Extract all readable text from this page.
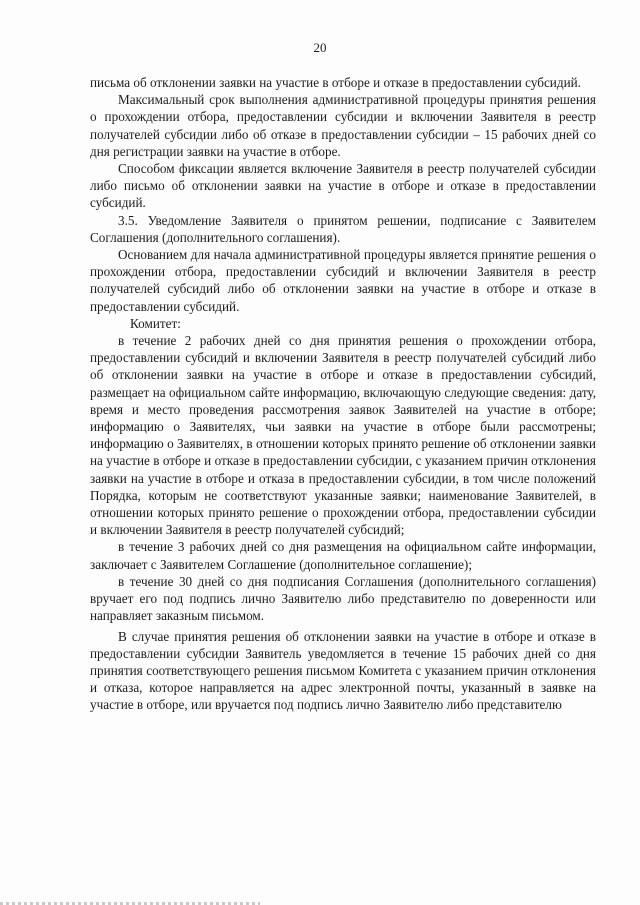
20

письма об отклонении заявки на участие в отборе и отказе в предоставлении субсидий.

Максимальный срок выполнения административной процедуры принятия решения о прохождении отбора, предоставлении субсидии и включении Заявителя в реестр получателей субсидии либо об отказе в предоставлении субсидии – 15 рабочих дней со дня регистрации заявки на участие в отборе.

Способом фиксации является включение Заявителя в реестр получателей субсидии либо письмо об отклонении заявки на участие в отборе и отказе в предоставлении субсидий.

3.5. Уведомление Заявителя о принятом решении, подписание с Заявителем Соглашения (дополнительного соглашения).

Основанием для начала административной процедуры является принятие решения о прохождении отбора, предоставлении субсидий и включении Заявителя в реестр получателей субсидий либо об отклонении заявки на участие в отборе и отказе в предоставлении субсидий.

Комитет:

в течение 2 рабочих дней со дня принятия решения о прохождении отбора, предоставлении субсидий и включении Заявителя в реестр получателей субсидий либо об отклонении заявки на участие в отборе и отказе в предоставлении субсидий, размещает на официальном сайте информацию, включающую следующие сведения: дату, время и место проведения рассмотрения заявок Заявителей на участие в отборе; информацию о Заявителях, чьи заявки на участие в отборе были рассмотрены; информацию о Заявителях, в отношении которых принято решение об отклонении заявки на участие в отборе и отказе в предоставлении субсидии, с указанием причин отклонения заявки на участие в отборе и отказа в предоставлении субсидии, в том числе положений Порядка, которым не соответствуют указанные заявки; наименование Заявителей, в отношении которых принято решение о прохождении отбора, предоставлении субсидии и включении Заявителя в реестр получателей субсидий;

в течение 3 рабочих дней со дня размещения на официальном сайте информации, заключает с Заявителем Соглашение (дополнительное соглашение);

в течение 30 дней со дня подписания Соглашения (дополнительного соглашения) вручает его под подпись лично Заявителю либо представителю по доверенности или направляет заказным письмом.

В случае принятия решения об отклонении заявки на участие в отборе и отказе в предоставлении субсидии Заявитель уведомляется в течение 15 рабочих дней со дня принятия соответствующего решения письмом Комитета с указанием причин отклонения и отказа, которое направляется на адрес электронной почты, указанный в заявке на участие в отборе, или вручается под подпись лично Заявителю либо представителю
